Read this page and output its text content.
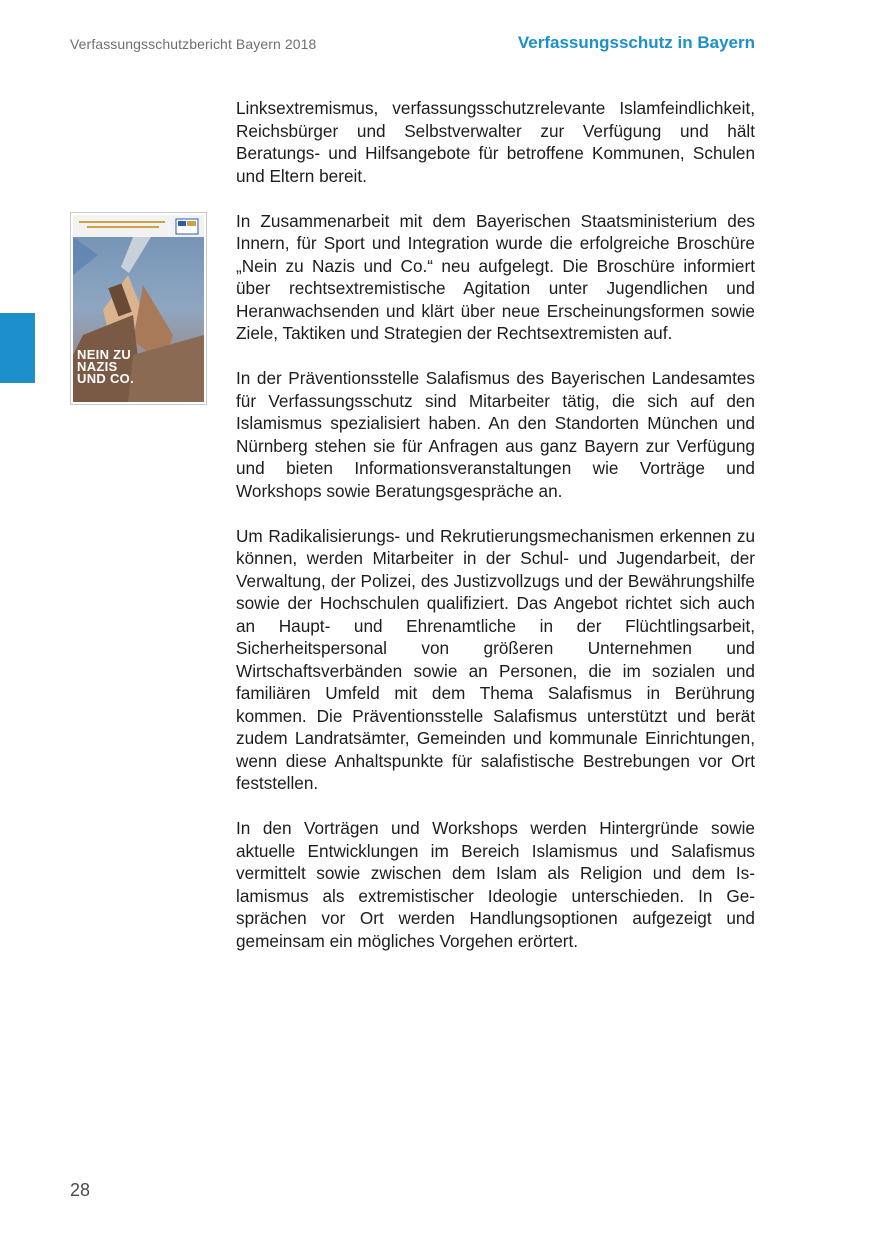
Verfassungsschutzbericht Bayern 2018	Verfassungsschutz in Bayern
NEIN ZU
NAZIS
UND CO.

Linksextremismus, verfassungsschutzrelevante Islamfeindlichkeit, Reichsbürger und Selbstverwalter zur Verfügung und hält Beratungs- und Hilfsangebote für betroffene Kommunen, Schulen und Eltern bereit.

In Zusammenarbeit mit dem Bayerischen Staatsministerium des Innern, für Sport und Integration wurde die erfolgreiche Broschüre „Nein zu Nazis und Co.“ neu aufgelegt. Die Broschüre informiert über rechtsextremistische Agitation unter Jugendlichen und Heranwachsenden und klärt über neue Erscheinungsformen sowie Ziele, Taktiken und Strategien der Rechtsextremisten auf.

In der Präventionsstelle Salafismus des Bayerischen Landesamtes für Verfassungsschutz sind Mitarbeiter tätig, die sich auf den Islamismus spezialisiert haben. An den Standorten München und Nürnberg stehen sie für Anfragen aus ganz Bayern zur Verfügung und bieten Informationsveranstaltungen wie Vorträge und Workshops sowie Beratungsgespräche an.

Um Radikalisierungs- und Rekrutierungsmechanismen erkennen zu können, werden Mitarbeiter in der Schul- und Jugendarbeit, der Verwaltung, der Polizei, des Justizvollzugs und der Bewährungshilfe sowie der Hochschulen qualifiziert. Das Angebot richtet sich auch an Haupt- und Ehrenamtliche in der Flüchtlingsarbeit, Sicherheitspersonal von größeren Unternehmen und Wirtschaftsverbänden sowie an Personen, die im sozialen und familiären Umfeld mit dem Thema Salafismus in Berührung kommen. Die Präventionsstelle Salafismus unterstützt und berät zudem Landratsämter, Gemeinden und kommunale Einrichtungen, wenn diese Anhaltspunkte für salafistische Bestrebungen vor Ort feststellen.

In den Vorträgen und Workshops werden Hintergründe sowie aktuelle Entwicklungen im Bereich Islamismus und Salafismus vermittelt sowie zwischen dem Islam als Religion und dem Islamismus als extremistischer Ideologie unterschieden. In Gesprächen vor Ort werden Handlungsoptionen aufgezeigt und gemeinsam ein mögliches Vorgehen erörtert.

28
